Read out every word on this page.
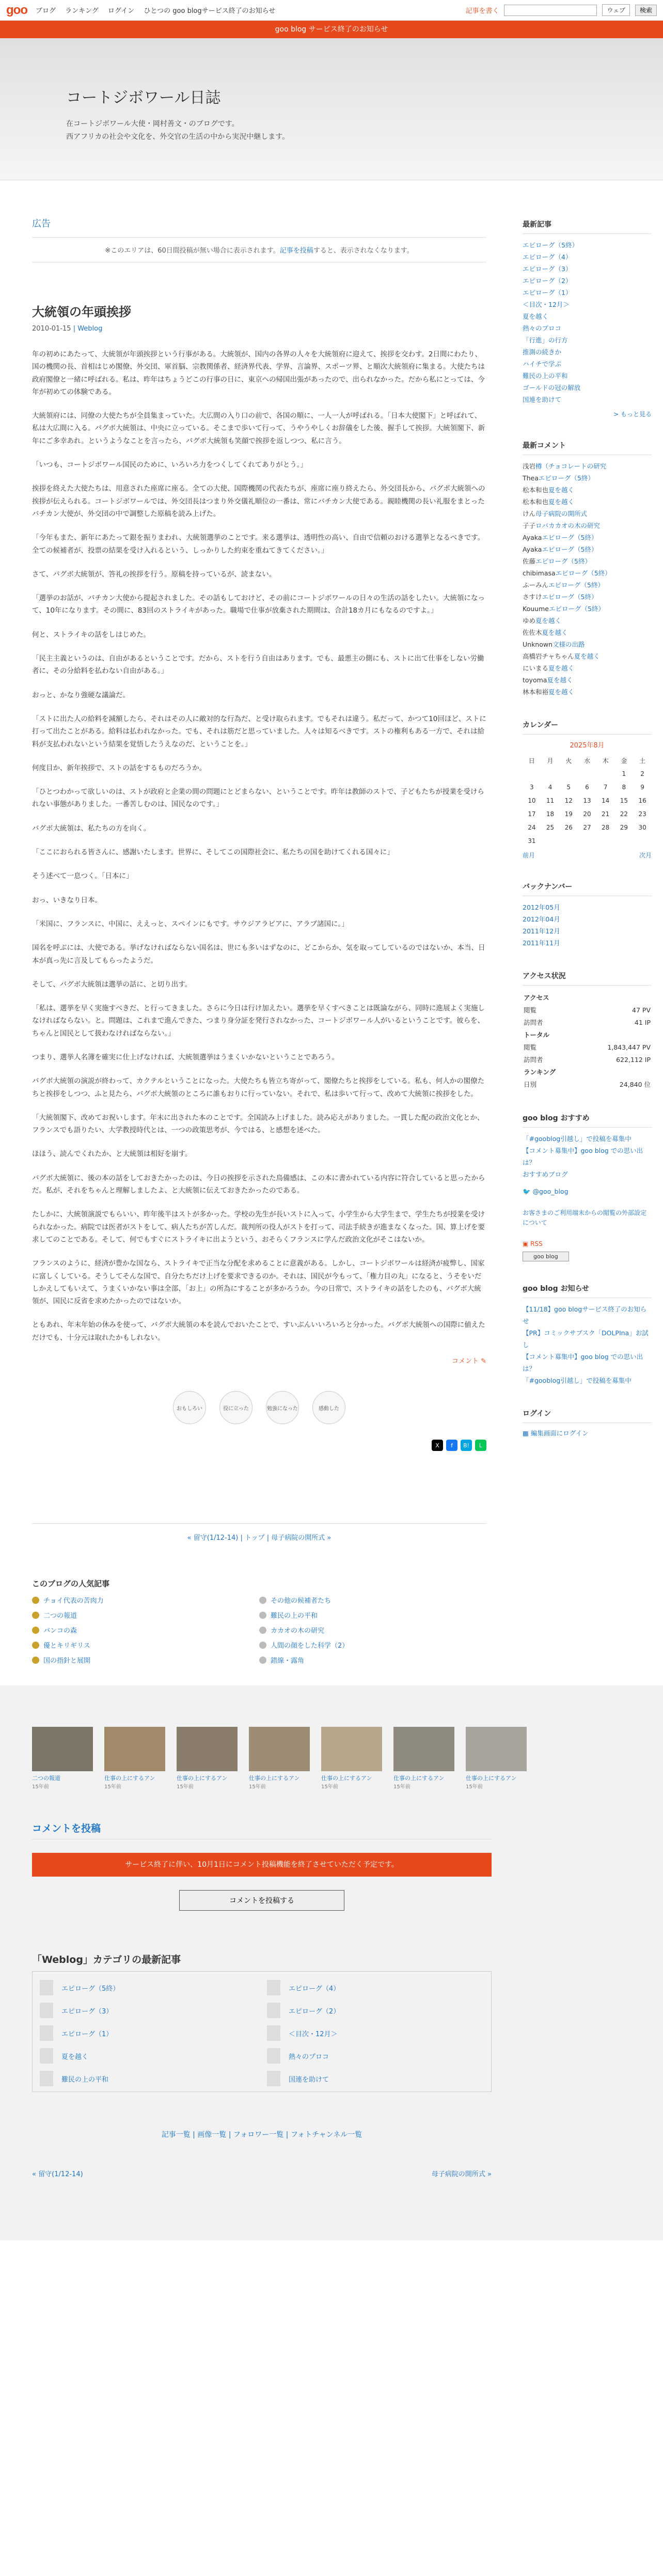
goo ブログ ランキング ログイン ひとつの goo blogサービス終了のお知らせ	記事を書く	ウェブ	検索
goo blog サービス終了のお知らせ
コートジボワール日誌

在コートジボワール大使・岡村善文・のブログです。

西アフリカの社会や文化を、外交官の生活の中から実況中継します。

広告
※このエリアは、60日間投稿が無い場合に表示されます。記事を投稿すると、表示されなくなります。
大統領の年頭挨拶
2010-01-15 | Weblog

年の初めにあたって、大統領が年頭挨拶という行事がある。大統領が、国内の各界の人々を大統領府に迎えて、挨拶を交わす。2日間にわたり、国の機関の長、首相はじめ閣僚、外交団、軍首脳、宗教関係者、経済界代表、学界、言論界、スポーツ界、と順次大統領府に集まる。大使たちは政府閣僚と一緒に呼ばれる。私は、昨年はちょうどこの行事の日に、東京への帰国出張があったので、出られなかった。だから私にとっては、今年が初めての体験である。

大統領府には、同僚の大使たちが全員集まっていた。大広間の入り口の前で、各国の順に、一人一人が呼ばれる。「日本大使閣下」と呼ばれて、私は大広間に入る。バグボ大統領は、中央に立っている。そこまで歩いて行って、うやうやしくお辞儀をした後、握手して挨拶。大統領閣下、新年にご多幸あれ。というようなことを言ったら、バグボ大統領も笑顔で挨拶を返しつつ、私に言う。

「いつも、コートジボワール国民のために、いろいろ力をつくしてくれてありがとう。」

挨拶を終えた大使たちは、用意された座席に座る。全ての大使、国際機関の代表たちが、座席に座り終えたら、外交団長から、バグボ大統領への挨拶が伝えられる。コートジボワールでは、外交団長はつまり外交儀礼順位の一番は、常にバチカン大使である。親睦機関の長い礼服をまとったバチカン大使が、外交団の中で調整した原稿を読み上げた。

「今年もまた、新年にあたって銀を振りまわれ、大統領選挙のことです。来る選挙は、透明性の高い、自由で信頼のおける選挙となるべきです。全ての候補者が、投票の結果を受け入れるという、しっかりした約束を重ねてきてください。」

さて、バグボ大統領が、答礼の挨拶を行う。原稿を持っているが、読まない。

「選挙のお話が、バチカン大使から提起されました。その話もしておけど、その前にコートジボワールの日々の生活の話をしたい。大統領になって、10年になります。その間に、83回のストライキがあった。職場で仕事が放棄された期間は、合計18カ月にもなるのですよ。」

何と、ストライキの話をしはじめた。

「民主主義というのは、自由があるということです。だから、ストを行う自由はあります。でも、最悪主の側にも、ストに出て仕事をしない労働者に、その分給料を払わない自由がある。」

おっと、かなり強硬な議論だ。

「ストに出た人の給料を減額したら、それはその人に敵対的な行為だ、と受け取られます。でもそれは違う。私だって、かつて10回ほど、ストに打って出たことがある。給料は払われなかった。でも、それは筋だと思っていました。人々は知るべきです。ストの権利もある一方で、それは給料が支払われないという結果を覚悟したうえなのだ、ということを。」

何度目か、新年挨拶で、ストの話をするものだろうか。

「ひとつわかって欲しいのは、ストが政府と企業の間の問題にとどまらない、ということです。昨年は教師のストで、子どもたちが授業を受けられない事態がありました。一番苦しむのは、国民なのです。」

バグボ大統領は、私たちの方を向く。

「ここにおられる皆さんに、感謝いたします。世界に、そしてこの国際社会に、私たちの国を助けてくれる国々に」

そう述べて一息つく。「日本に」

おっ、いきなり日本。

「米国に、フランスに、中国に、ええっと、スペインにもです。サウジアラビアに、アラブ諸国に。」

国名を呼ぶには、大使である。挙げなければならない国名は、世にも多いはずなのに、どこからか、気を取ってしているのではないか、本当、日本が真っ先に言及してもらったようだ。

そして、バグボ大統領は選挙の話に、と切り出す。

「私は、選挙を早く実施すべきだ、と行ってきました。さらに今日は行け加えたい。選挙を早くすべきことは既論ながら、同時に進展よく実施しなければならない。と。問題は、これまで進んできた、つまり身分証を発行されなかった、コートジボワール人がいるということです。彼らを、ちゃんと国民として扱わなければならない。」

つまり、選挙人名簿を確実に仕上げなければ、大統領選挙はうまくいかないということであろう。

バグボ大統領の演説が終わって、カクテルということになった。大使たちも皆立ち寄がって、閣僚たちと挨拶をしている。私も、何人かの閣僚たちと挨拶をしつつ、ふと見たら、バグボ大統領のところに誰もおりに行っていない。それで、私は歩いて行って、改めて大統領に挨拶をした。

「大統領閣下、改めてお祝いします。年末に出された本のことです。全国読み上げました。読み応えがありました。一貫した配の政治文化とか、フランスでも語りたい、大学教授時代とは、一つの政策思考が、今ではる、と感想を述べた。

ほほう、読んでくれたか、と大統領は相好を崩す。

バグボ大統領に、後の本の話をしておきたかったのは、今日の挨拶を示された鳥備感は、この本に書かれている内容に符合していると思ったからだ。私が、それをちゃんと理解しましたよ、と大統領に伝えておきたかったのである。

たしかに、大統領演説でもらいい、昨年後半はストが多かった。学校の先生が長いストに入って、小学生から大学生まで、学生たちが授業を受けられなかった。病院では医者がストをして、病人たちが苦しんだ。裁判所の役人がストを打って、司法手続きが進まなくなった。国、算上げを要求してのことである。そして、何でもすぐにストライキに出ようという、おそらくフランスに学んだ政治文化がそこはないか。

フランスのように、経済が豊かな国なら、ストライキで正当な分配を求めることに意義がある。しかし、コートジボワールは経済が疲弊し、国家に富しくしている。そうしてそんな国で、自分たちだけ上げを要求できるのか。それは、国民が今もって、「権力目の丸」になると、うそをいだしかえしてもいえて、うまくいかない事は全部、「お上」の所為にすることが多かろうか。今の日常で、ストライキの話をしたのも、バグボ大統領が、国民に反省を求めたかったのではないか。

ともあれ、年末年始の休みを使って、バグボ大統領の本を読んでおいたことで、すいぶんいいろいろと分かった。バグボ大統領への国際に値えただけでも、十分元は取れたかもしれない。

コメント ✎
おもしろい	役に立った	勉強になった	感動した
X	f	B!	L
« 留守(1/12-14) | トップ | 母子病院の開所式 »
このブログの人気記事
チョイ代表の苦肉力	その他の候補者たち
二つの報道	難民の上の平和
バンコの森	カカオの木の研究
優とキリギリス	人間の顔をした科学（2）
国の指針と展開	錯線・露角
最新記事
エピローグ（5終）
エピローグ（4）
エピローグ（3）
エピローグ（2）
エピローグ（1）
＜目次・12月＞
夏を越く
熱々のプロコ
「行進」の行方
推測の続きか
ハイチで学ぶ
難民の上の平和
ゴールドの冠の解放
国連を助けて
> もっと見る
最新コメント
浅岩樽（チョコレートの研究
Theaエピローグ（5終）
松本和也夏を越く
松本和也夏を越く
けん母子病院の開所式
子子ロバカカオの木の研究
Ayakaエピローグ（5終）
Ayakaエピローグ（5終）
佐藤エピローグ（5終）
chibimasaエピローグ（5終）
ふーみんエピローグ（5終）
さすけエピローグ（5終）
Kouumeエピローグ（5終）
ゆめ夏を越く
佐佐木夏を越く
Unknown文様の出路
高橋岩チャちゃん夏を越く
にいまる夏を越く
toyoma夏を越く
林本和裕夏を越く
カレンダー
2025年8月
日	月	火	水	木	金	土
					1	2
3	4	5	6	7	8	9
10	11	12	13	14	15	16
17	18	19	20	21	22	23
24	25	26	27	28	29	30
31						
前月	次月
バックナンバー
2012年05月
2012年04月
2011年12月
2011年11月
アクセス状況
アクセス	
閲覧	47 PV
訪問者	41 IP
トータル	
閲覧	1,843,447 PV
訪問者	622,112 IP
ランキング	
日別	24,840 位
goo blog おすすめ
「#gooblog引越し」で投稿を募集中
【コメント募集中】goo blog での思い出は？
おすすめブログ
🐦 @goo_blog
お客さまのご利用端末からの閲覧の外部設定について
▣ RSS
goo blog
goo blog お知らせ
【11/18】goo blogサービス終了のお知らせ
【PR】コミックサブスク「DOLPIna」お試し
【コメント募集中】goo blog での思い出は？
「#gooblog引越し」で投稿を募集中
ログイン
▦ 編集画面にログイン
二つの報道
15年前
仕事の上にするアン
15年前
仕事の上にするアン
15年前
仕事の上にするアン
15年前
仕事の上にするアン
15年前
仕事の上にするアン
15年前
仕事の上にするアン
15年前
コメントを投稿
サービス終了に伴い、10月1日にコメント投稿機能を終了させていただく予定です。
コメントを投稿する
「Weblog」カテゴリの最新記事
エピローグ（5終）	エピローグ（4）
エピローグ（3）	エピローグ（2）
エピローグ（1）	＜目次・12月＞
夏を越く	熱々のプロコ
難民の上の平和	国連を助けて
記事一覧 | 画像一覧 | フォロワー一覧 | フォトチャンネル一覧
« 留守(1/12-14)	母子病院の開所式 »
